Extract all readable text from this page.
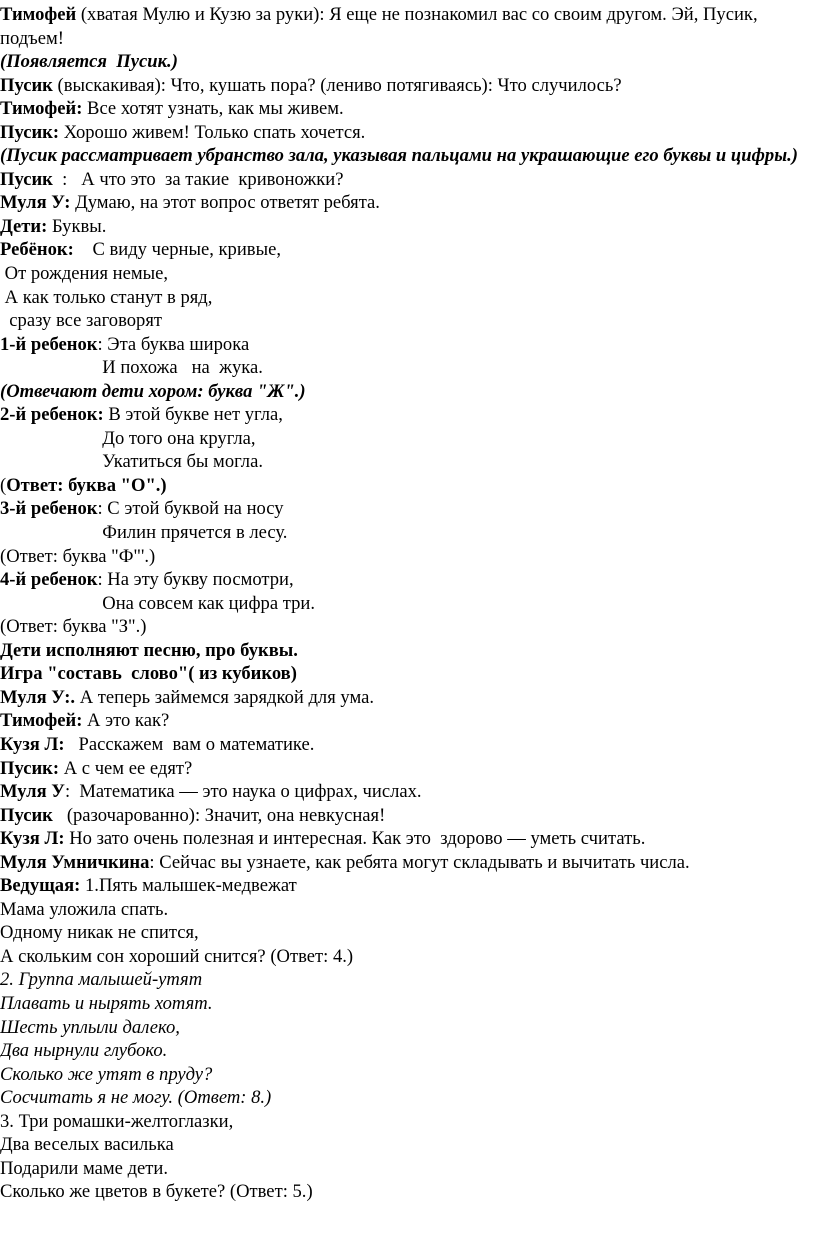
Тимофей (хватая Мулю и Кузю за руки): Я еще не познакомил вас со своим другом. Эй, Пусик, подъем!
(Появляется  Пусик.)
Пусик (выскакивая): Что, кушать пора? (лениво потягиваясь): Что случилось?
Тимофей: Все хотят узнать, как мы живем.
Пусик: Хорошо живем! Только спать хочется.
(Пусик рассматривает убранство зала, указывая пальцами на украшающие его буквы и цифры.)
Пусик  :   А что это  за такие  кривоножки?
Муля У: Думаю, на этот вопрос ответят ребята.
Дети: Буквы.
Ребёнок:    С виду черные, кривые,
От рождения немые,
А как только станут в ряд,
сразу все заговорят
1-й ребенок: Эта буква широка
И похожа   на  жука.
(Отвечают дети хором: буква "Ж".)
2-й ребенок: В этой букве нет угла,
До того она кругла,
Укатиться бы могла.
(Ответ: буква "О".)
3-й ребенок: С этой буквой на носу
Филин прячется в лесу.
(Ответ: буква "Ф"'.)
4-й ребенок: На эту букву посмотри,
Она совсем как цифра три.
(Ответ: буква "З".)
Дети исполняют песню, про буквы.
Игра "составь  слово"( из кубиков)
Муля У:. А теперь займемся зарядкой для ума.
Тимофей: А это как?
Кузя Л:   Расскажем  вам о математике.
Пусик: А с чем ее едят?
Муля У:  Математика — это наука о цифрах, числах.
Пусик   (разочарованно): Значит, она невкусная!
Кузя Л: Но зато очень полезная и интересная. Как это  здорово — уметь считать.
Муля Умничкина: Сейчас вы узнаете, как ребята могут складывать и вычитать числа.
Ведущая: 1.Пять малышек-медвежат
Мама уложила спать.
Одному никак не спится,
А скольким сон хороший снится? (Ответ: 4.)
2. Группа малышей-утят
Плавать и нырять хотят.
Шесть уплыли далеко,
Два нырнули глубоко.
Сколько же утят в пруду?
Сосчитать я не могу. (Ответ: 8.)
3. Три ромашки-желтоглазки,
Два веселых василька
Подарили маме дети.
Сколько же цветов в букете? (Ответ: 5.)
